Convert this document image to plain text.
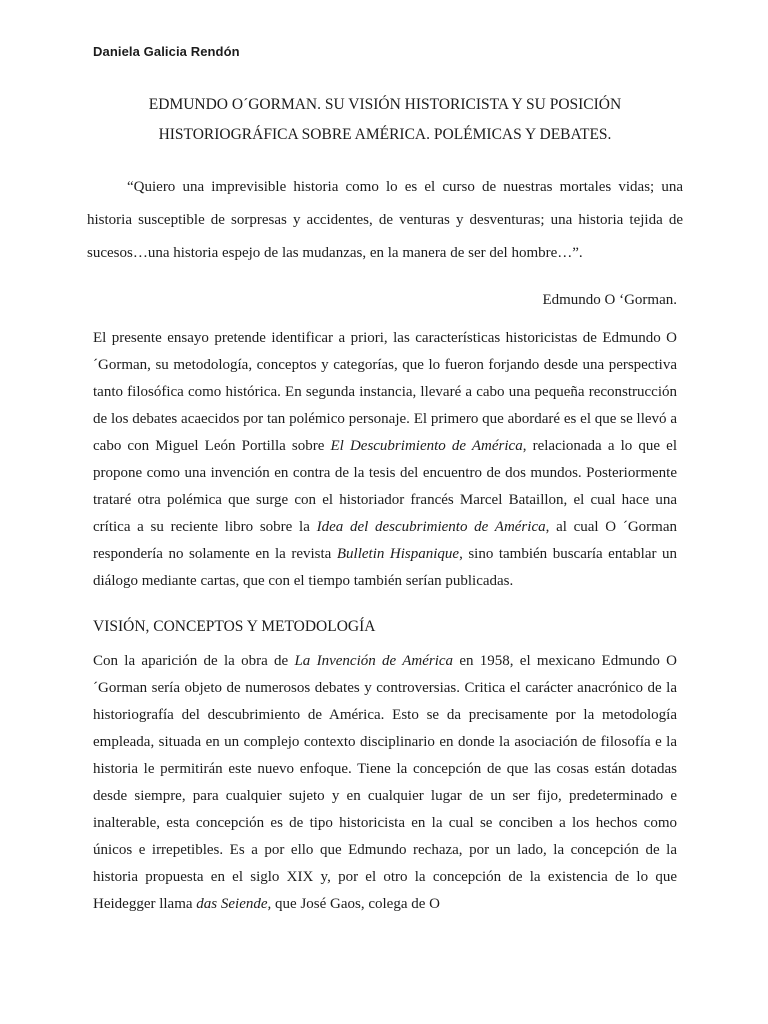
Daniela Galicia Rendón
EDMUNDO O´GORMAN. SU VISIÓN HISTORICISTA Y SU POSICIÓN
HISTORIOGRÁFICA SOBRE AMÉRICA. POLÉMICAS Y DEBATES.
“Quiero una imprevisible historia como lo es el curso de nuestras mortales vidas; una historia susceptible de sorpresas y accidentes, de venturas y desventuras; una historia tejida de sucesos…una historia espejo de las mudanzas, en la manera de ser del hombre…”.
Edmundo O ‘Gorman.

El presente ensayo pretende identificar a priori, las características historicistas de Edmundo O ´Gorman, su metodología, conceptos y categorías, que lo fueron forjando desde una perspectiva tanto filosófica como histórica. En segunda instancia, llevaré a cabo una pequeña reconstrucción de los debates acaecidos por tan polémico personaje. El primero que abordaré es el que se llevó a cabo con Miguel León Portilla sobre El Descubrimiento de América, relacionada a lo que el propone como una invención en contra de la tesis del encuentro de dos mundos. Posteriormente trataré otra polémica que surge con el historiador francés Marcel Bataillon, el cual hace una crítica a su reciente libro sobre la Idea del descubrimiento de América, al cual O ´Gorman respondería no solamente en la revista Bulletin Hispanique, sino también buscaría entablar un diálogo mediante cartas, que con el tiempo también serían publicadas.

VISIÓN, CONCEPTOS Y METODOLOGÍA

Con la aparición de la obra de La Invención de América en 1958, el mexicano Edmundo O ´Gorman sería objeto de numerosos debates y controversias. Critica el carácter anacrónico de la historiografía del descubrimiento de América. Esto se da precisamente por la metodología empleada, situada en un complejo contexto disciplinario en donde la asociación de filosofía e la historia le permitirán este nuevo enfoque. Tiene la concepción de que las cosas están dotadas desde siempre, para cualquier sujeto y en cualquier lugar de un ser fijo, predeterminado e inalterable, esta concepción es de tipo historicista en la cual se conciben a los hechos como únicos e irrepetibles. Es a por ello que Edmundo rechaza, por un lado, la concepción de la historia propuesta en el siglo XIX y, por el otro la concepción de la existencia de lo que Heidegger llama das Seiende, que José Gaos, colega de O
